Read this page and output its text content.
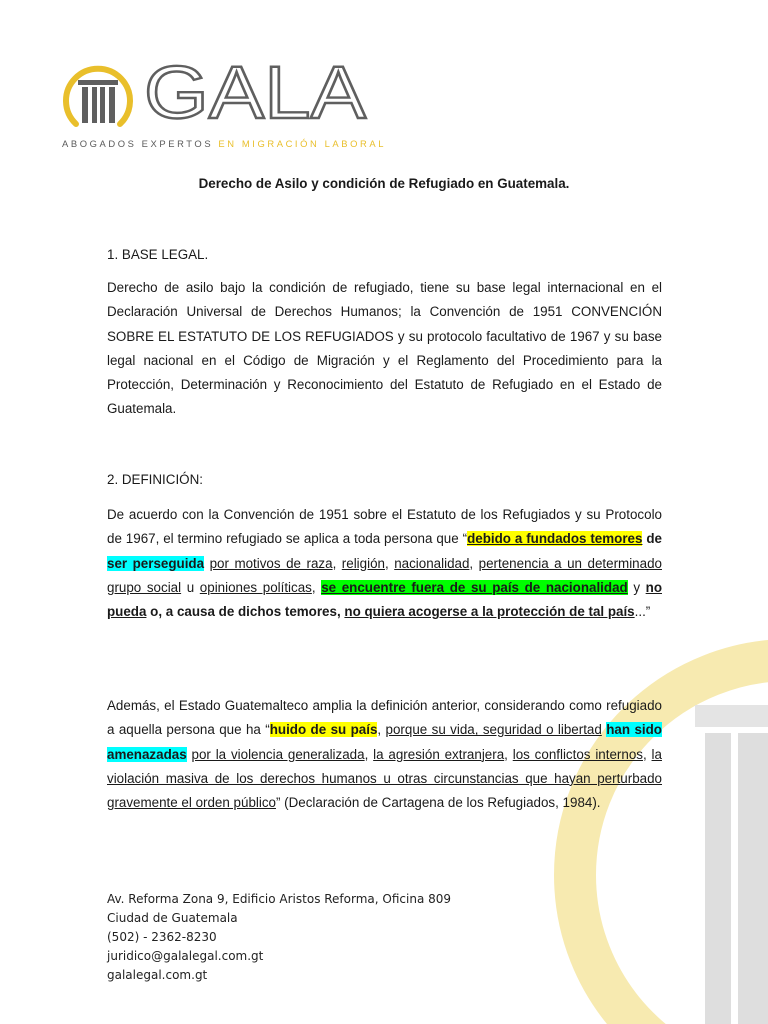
GALA
ABOGADOS EXPERTOS EN MIGRACIÓN LABORAL
Derecho de Asilo y condición de Refugiado en Guatemala.
1. BASE LEGAL.

Derecho de asilo bajo la condición de refugiado, tiene su base legal internacional en el Declaración Universal de Derechos Humanos; la Convención de 1951 CONVENCIÓN SOBRE EL ESTATUTO DE LOS REFUGIADOS y su protocolo facultativo de 1967 y su base legal nacional en el Código de Migración y el Reglamento del Procedimiento para la Protección, Determinación y Reconocimiento del Estatuto de Refugiado en el Estado de Guatemala.

2. DEFINICIÓN:

De acuerdo con la Convención de 1951 sobre el Estatuto de los Refugiados y su Protocolo de 1967, el termino refugiado se aplica a toda persona que “debido a fundados temores de ser perseguida por motivos de raza, religión, nacionalidad, pertenencia a un determinado grupo social u opiniones políticas, se encuentre fuera de su país de nacionalidad y no pueda o, a causa de dichos temores, no quiera acogerse a la protección de tal país...”

Además, el Estado Guatemalteco amplia la definición anterior, considerando como refugiado a aquella persona que ha “huido de su país, porque su vida, seguridad o libertad han sido amenazadas por la violencia generalizada, la agresión extranjera, los conflictos internos, la violación masiva de los derechos humanos u otras circunstancias que hayan perturbado gravemente el orden público” (Declaración de Cartagena de los Refugiados, 1984).

Av. Reforma Zona 9, Edificio Aristos Reforma, Oficina 809
Ciudad de Guatemala
(502) - 2362-8230
juridico@galalegal.com.gt
galalegal.com.gt
